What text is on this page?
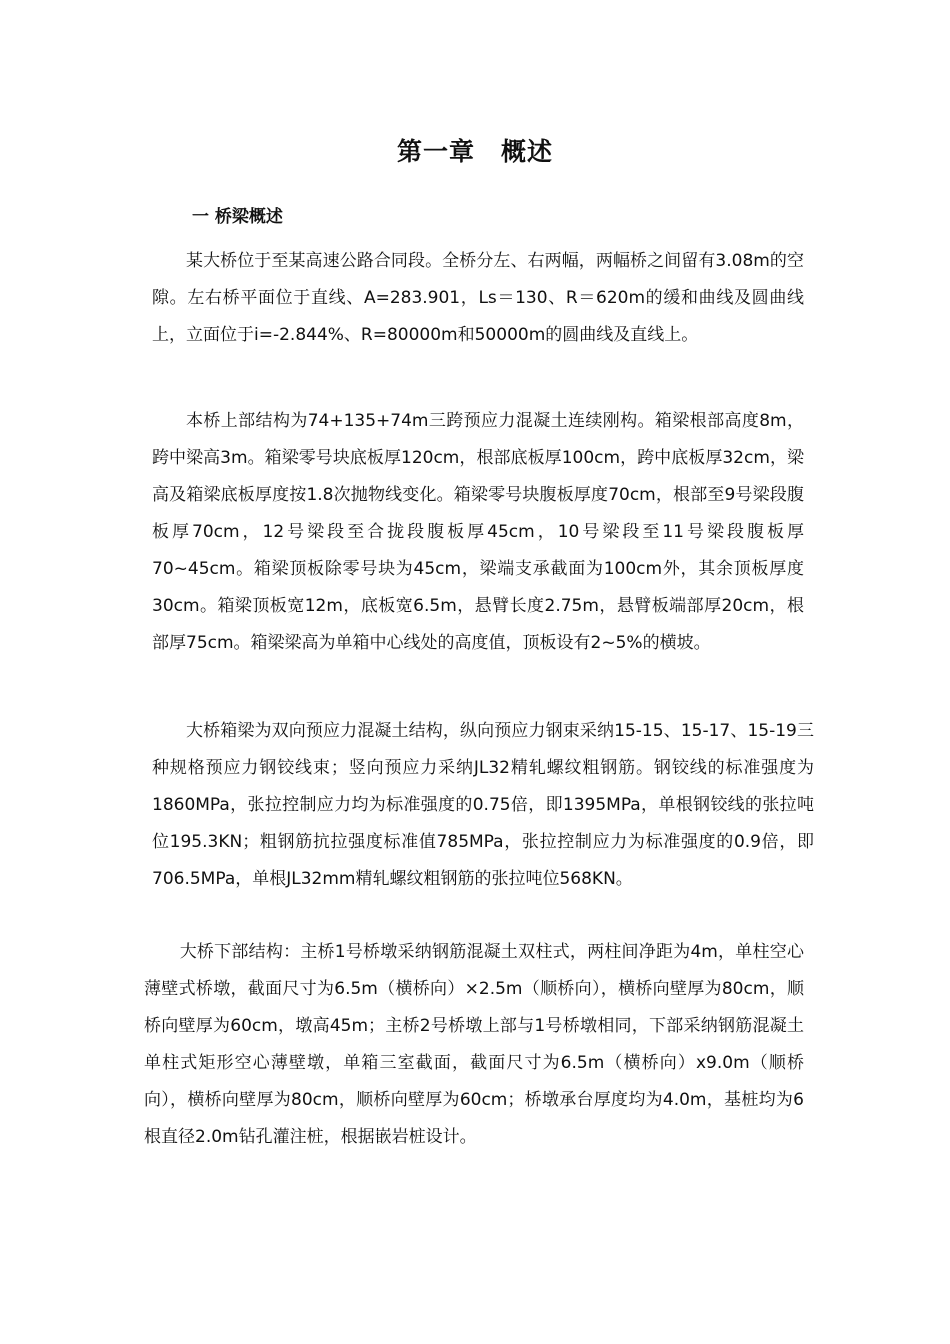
第一章　概述
一 桥梁概述

某大桥位于至某高速公路合同段。全桥分左、右两幅，两幅桥之间留有3.08m的空隙。左右桥平面位于直线、A=283.901，Ls＝130、R＝620m的缓和曲线及圆曲线上，立面位于i=-2.844%、R=80000m和50000m的圆曲线及直线上。

本桥上部结构为74+135+74m三跨预应力混凝土连续刚构。箱梁根部高度8m，跨中梁高3m。箱梁零号块底板厚120cm，根部底板厚100cm，跨中底板厚32cm，梁高及箱梁底板厚度按1.8次抛物线变化。箱梁零号块腹板厚度70cm，根部至9号梁段腹板厚70cm，12号梁段至合拢段腹板厚45cm，10号梁段至11号梁段腹板厚70~45cm。箱梁顶板除零号块为45cm，梁端支承截面为100cm外，其余顶板厚度30cm。箱梁顶板宽12m，底板宽6.5m，悬臂长度2.75m，悬臂板端部厚20cm，根部厚75cm。箱梁梁高为单箱中心线处的高度值，顶板设有2~5%的横坡。

大桥箱梁为双向预应力混凝土结构，纵向预应力钢束采纳15-15、15-17、15-19三种规格预应力钢铰线束；竖向预应力采纳JL32精轧螺纹粗钢筋。钢铰线的标准强度为1860MPa，张拉控制应力均为标准强度的0.75倍，即1395MPa，单根钢铰线的张拉吨位195.3KN；粗钢筋抗拉强度标准值785MPa，张拉控制应力为标准强度的0.9倍，即706.5MPa，单根JL32mm精轧螺纹粗钢筋的张拉吨位568KN。

大桥下部结构：主桥1号桥墩采纳钢筋混凝土双柱式，两柱间净距为4m，单柱空心薄壁式桥墩，截面尺寸为6.5m（横桥向）×2.5m（顺桥向），横桥向壁厚为80cm，顺桥向壁厚为60cm，墩高45m；主桥2号桥墩上部与1号桥墩相同，下部采纳钢筋混凝土单柱式矩形空心薄壁墩，单箱三室截面，截面尺寸为6.5m（横桥向）x9.0m（顺桥向），横桥向壁厚为80cm，顺桥向壁厚为60cm；桥墩承台厚度均为4.0m，基桩均为6根直径2.0m钻孔灌注桩，根据嵌岩桩设计。
